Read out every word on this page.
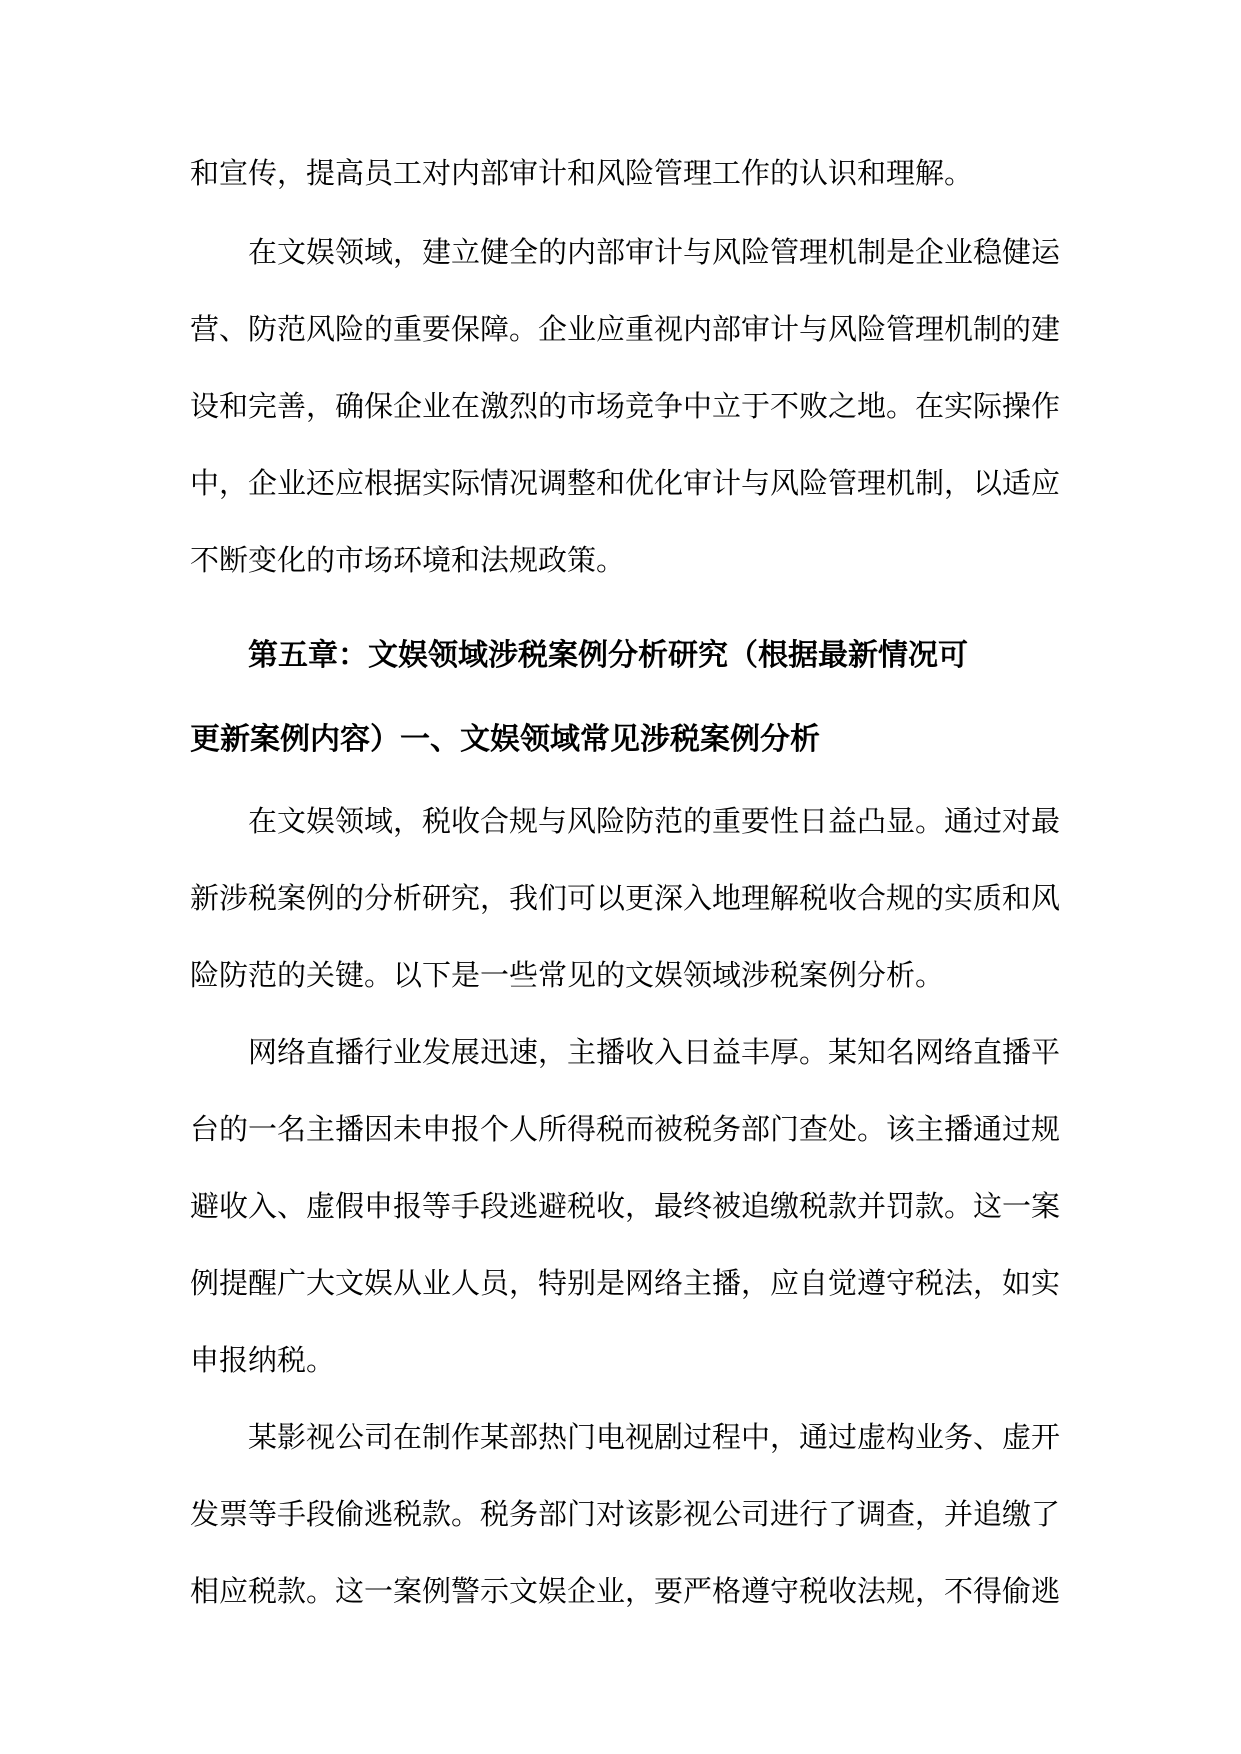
和宣传，提高员工对内部审计和风险管理工作的认识和理解。
在文娱领域，建立健全的内部审计与风险管理机制是企业稳健运
营、防范风险的重要保障。企业应重视内部审计与风险管理机制的建
设和完善，确保企业在激烈的市场竞争中立于不败之地。在实际操作
中，企业还应根据实际情况调整和优化审计与风险管理机制，以适应
不断变化的市场环境和法规政策。
第五章：文娱领域涉税案例分析研究（根据最新情况可
更新案例内容）一、文娱领域常见涉税案例分析
在文娱领域，税收合规与风险防范的重要性日益凸显。通过对最
新涉税案例的分析研究，我们可以更深入地理解税收合规的实质和风
险防范的关键。以下是一些常见的文娱领域涉税案例分析。
网络直播行业发展迅速，主播收入日益丰厚。某知名网络直播平
台的一名主播因未申报个人所得税而被税务部门查处。该主播通过规
避收入、虚假申报等手段逃避税收，最终被追缴税款并罚款。这一案
例提醒广大文娱从业人员，特别是网络主播，应自觉遵守税法，如实
申报纳税。
某影视公司在制作某部热门电视剧过程中，通过虚构业务、虚开
发票等手段偷逃税款。税务部门对该影视公司进行了调查，并追缴了
相应税款。这一案例警示文娱企业，要严格遵守税收法规，不得偷逃
